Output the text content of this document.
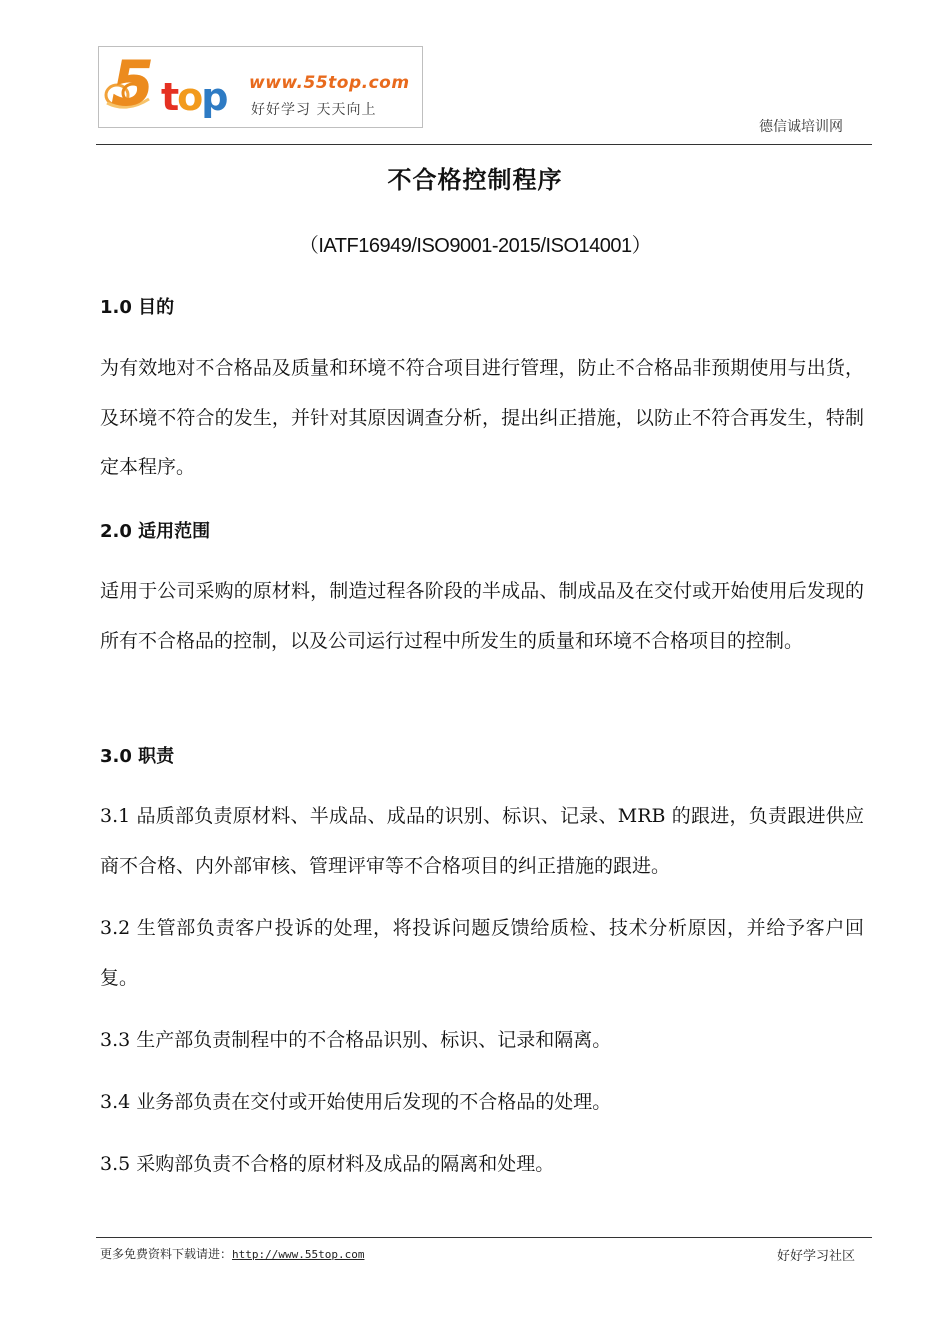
5 top www.55top.com
好好学习 天天向上
德信诚培训网
不合格控制程序
（IATF16949/ISO9001-2015/ISO14001）
1.0 目的

为有效地对不合格品及质量和环境不符合项目进行管理，防止不合格品非预期使用与出货，及环境不符合的发生，并针对其原因调查分析，提出纠正措施，以防止不符合再发生，特制定本程序。

2.0 适用范围

适用于公司采购的原材料，制造过程各阶段的半成品、制成品及在交付或开始使用后发现的所有不合格品的控制，以及公司运行过程中所发生的质量和环境不合格项目的控制。

3.0 职责

3.1 品质部负责原材料、半成品、成品的识别、标识、记录、MRB 的跟进，负责跟进供应商不合格、内外部审核、管理评审等不合格项目的纠正措施的跟进。

3.2 生管部负责客户投诉的处理，将投诉问题反馈给质检、技术分析原因，并给予客户回复。

3.3 生产部负责制程中的不合格品识别、标识、记录和隔离。

3.4 业务部负责在交付或开始使用后发现的不合格品的处理。

3.5 采购部负责不合格的原材料及成品的隔离和处理。

更多免费资料下载请进：http://www.55top.com	好好学习社区
